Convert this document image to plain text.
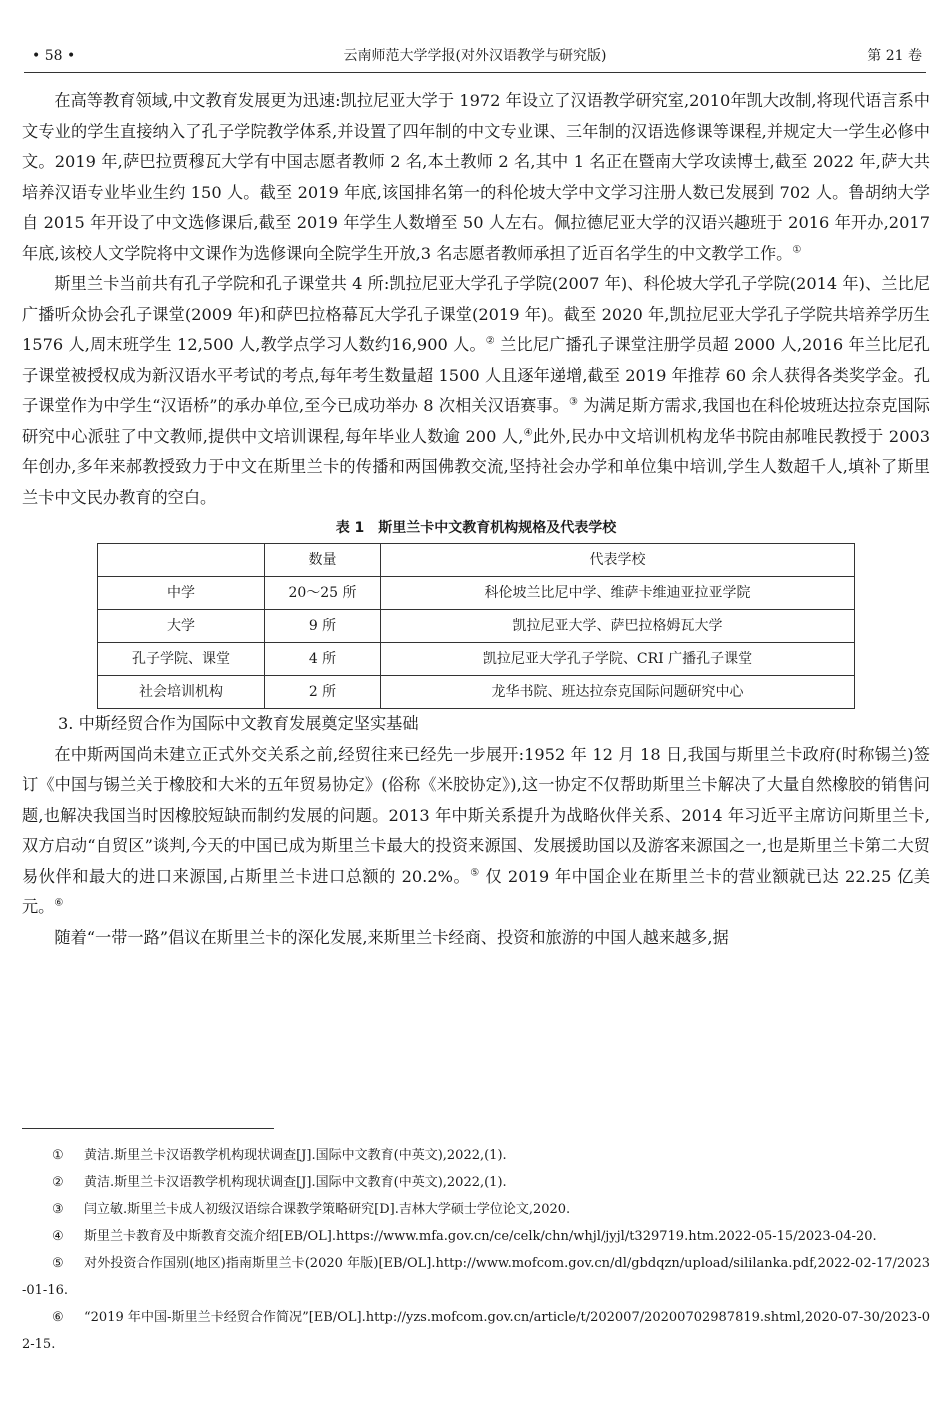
• 58 •	云南师范大学学报(对外汉语教学与研究版)	第 21 卷

在高等教育领域,中文教育发展更为迅速:凯拉尼亚大学于 1972 年设立了汉语教学研究室,2010年凯大改制,将现代语言系中文专业的学生直接纳入了孔子学院教学体系,并设置了四年制的中文专业课、三年制的汉语选修课等课程,并规定大一学生必修中文。2019 年,萨巴拉贾穆瓦大学有中国志愿者教师 2 名,本土教师 2 名,其中 1 名正在暨南大学攻读博士,截至 2022 年,萨大共培养汉语专业毕业生约 150 人。截至 2019 年底,该国排名第一的科伦坡大学中文学习注册人数已发展到 702 人。鲁胡纳大学自 2015 年开设了中文选修课后,截至 2019 年学生人数增至 50 人左右。佩拉德尼亚大学的汉语兴趣班于 2016 年开办,2017 年底,该校人文学院将中文课作为选修课向全院学生开放,3 名志愿者教师承担了近百名学生的中文教学工作。①

斯里兰卡当前共有孔子学院和孔子课堂共 4 所:凯拉尼亚大学孔子学院(2007 年)、科伦坡大学孔子学院(2014 年)、兰比尼广播听众协会孔子课堂(2009 年)和萨巴拉格幕瓦大学孔子课堂(2019 年)。截至 2020 年,凯拉尼亚大学孔子学院共培养学历生 1576 人,周末班学生 12,500 人,教学点学习人数约16,900 人。② 兰比尼广播孔子课堂注册学员超 2000 人,2016 年兰比尼孔子课堂被授权成为新汉语水平考试的考点,每年考生数量超 1500 人且逐年递增,截至 2019 年推荐 60 余人获得各类奖学金。孔子课堂作为中学生“汉语桥”的承办单位,至今已成功举办 8 次相关汉语赛事。③ 为满足斯方需求,我国也在科伦坡班达拉奈克国际研究中心派驻了中文教师,提供中文培训课程,每年毕业人数逾 200 人,④此外,民办中文培训机构龙华书院由郝唯民教授于 2003 年创办,多年来郝教授致力于中文在斯里兰卡的传播和两国佛教交流,坚持社会办学和单位集中培训,学生人数超千人,填补了斯里兰卡中文民办教育的空白。

表 1　斯里兰卡中文教育机构规格及代表学校
	数量	代表学校
中学	20～25 所	科伦坡兰比尼中学、维萨卡维迪亚拉亚学院
大学	9 所	凯拉尼亚大学、萨巴拉格姆瓦大学
孔子学院、课堂	4 所	凯拉尼亚大学孔子学院、CRI 广播孔子课堂
社会培训机构	2 所	龙华书院、班达拉奈克国际问题研究中心

3. 中斯经贸合作为国际中文教育发展奠定坚实基础

在中斯两国尚未建立正式外交关系之前,经贸往来已经先一步展开:1952 年 12 月 18 日,我国与斯里兰卡政府(时称锡兰)签订《中国与锡兰关于橡胶和大米的五年贸易协定》(俗称《米胶协定》),这一协定不仅帮助斯里兰卡解决了大量自然橡胶的销售问题,也解决我国当时因橡胶短缺而制约发展的问题。2013 年中斯关系提升为战略伙伴关系、2014 年习近平主席访问斯里兰卡,双方启动“自贸区”谈判,今天的中国已成为斯里兰卡最大的投资来源国、发展援助国以及游客来源国之一,也是斯里兰卡第二大贸易伙伴和最大的进口来源国,占斯里兰卡进口总额的 20.2%。⑤ 仅 2019 年中国企业在斯里兰卡的营业额就已达 22.25 亿美元。⑥

随着“一带一路”倡议在斯里兰卡的深化发展,来斯里兰卡经商、投资和旅游的中国人越来越多,据

① 黄洁.斯里兰卡汉语教学机构现状调查[J].国际中文教育(中英文),2022,(1).

② 黄洁.斯里兰卡汉语教学机构现状调查[J].国际中文教育(中英文),2022,(1).

③ 闫立敏.斯里兰卡成人初级汉语综合课教学策略研究[D].吉林大学硕士学位论文,2020.

④ 斯里兰卡教育及中斯教育交流介绍[EB/OL].https://www.mfa.gov.cn/ce/celk/chn/whjl/jyjl/t329719.htm.2022-05-15/2023-04-20.

⑤ 对外投资合作国别(地区)指南斯里兰卡(2020 年版)[EB/OL].http://www.mofcom.gov.cn/dl/gbdqzn/upload/sililanka.pdf,2022-02-17/2023-01-16.

⑥ “2019 年中国-斯里兰卡经贸合作简况”[EB/OL].http://yzs.mofcom.gov.cn/article/t/202007/20200702987819.shtml,2020-07-30/2023-02-15.
